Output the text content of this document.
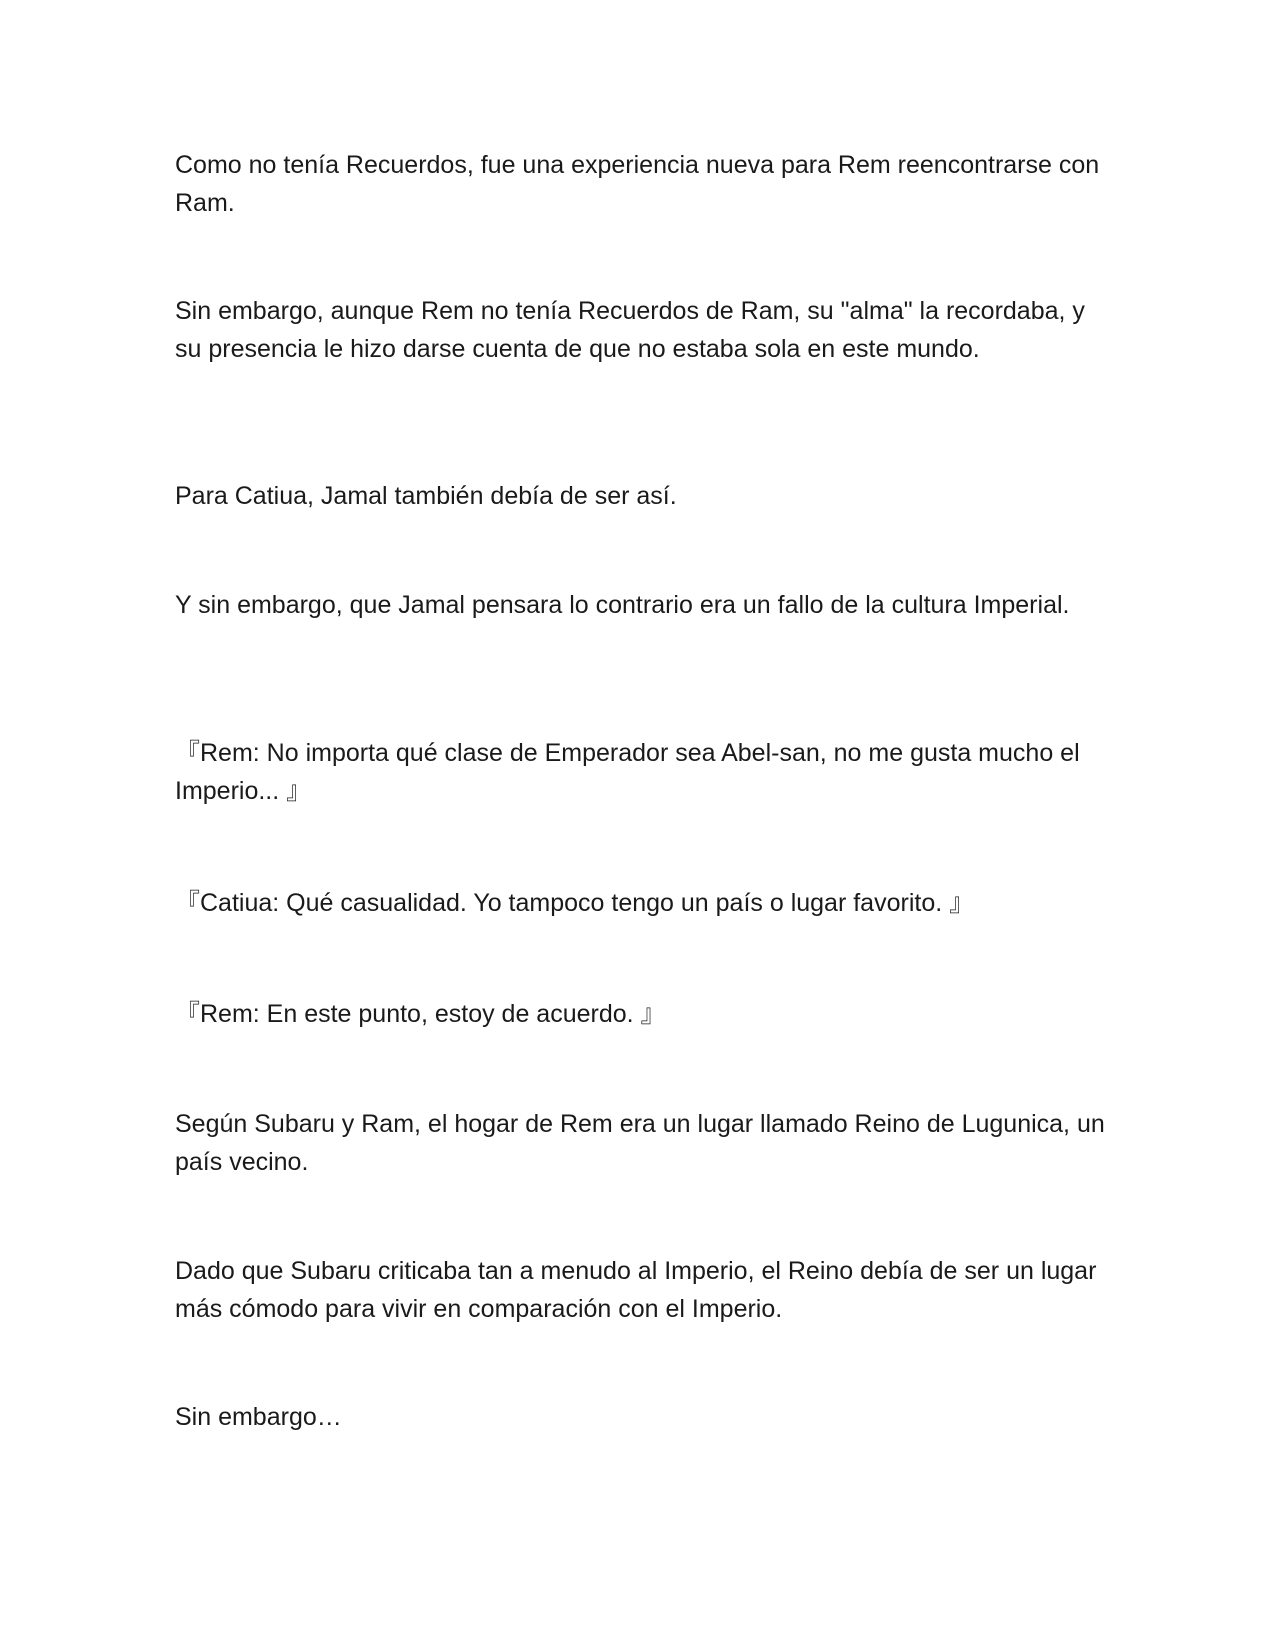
Como no tenía Recuerdos, fue una experiencia nueva para Rem reencontrarse con Ram.

Sin embargo, aunque Rem no tenía Recuerdos de Ram, su "alma" la recordaba, y su presencia le hizo darse cuenta de que no estaba sola en este mundo.

Para Catiua, Jamal también debía de ser así.

Y sin embargo, que Jamal pensara lo contrario era un fallo de la cultura Imperial.

『Rem: No importa qué clase de Emperador sea Abel-san, no me gusta mucho el Imperio... 』

『Catiua: Qué casualidad. Yo tampoco tengo un país o lugar favorito. 』

『Rem: En este punto, estoy de acuerdo. 』

Según Subaru y Ram, el hogar de Rem era un lugar llamado Reino de Lugunica, un país vecino.

Dado que Subaru criticaba tan a menudo al Imperio, el Reino debía de ser un lugar más cómodo para vivir en comparación con el Imperio.

Sin embargo…
